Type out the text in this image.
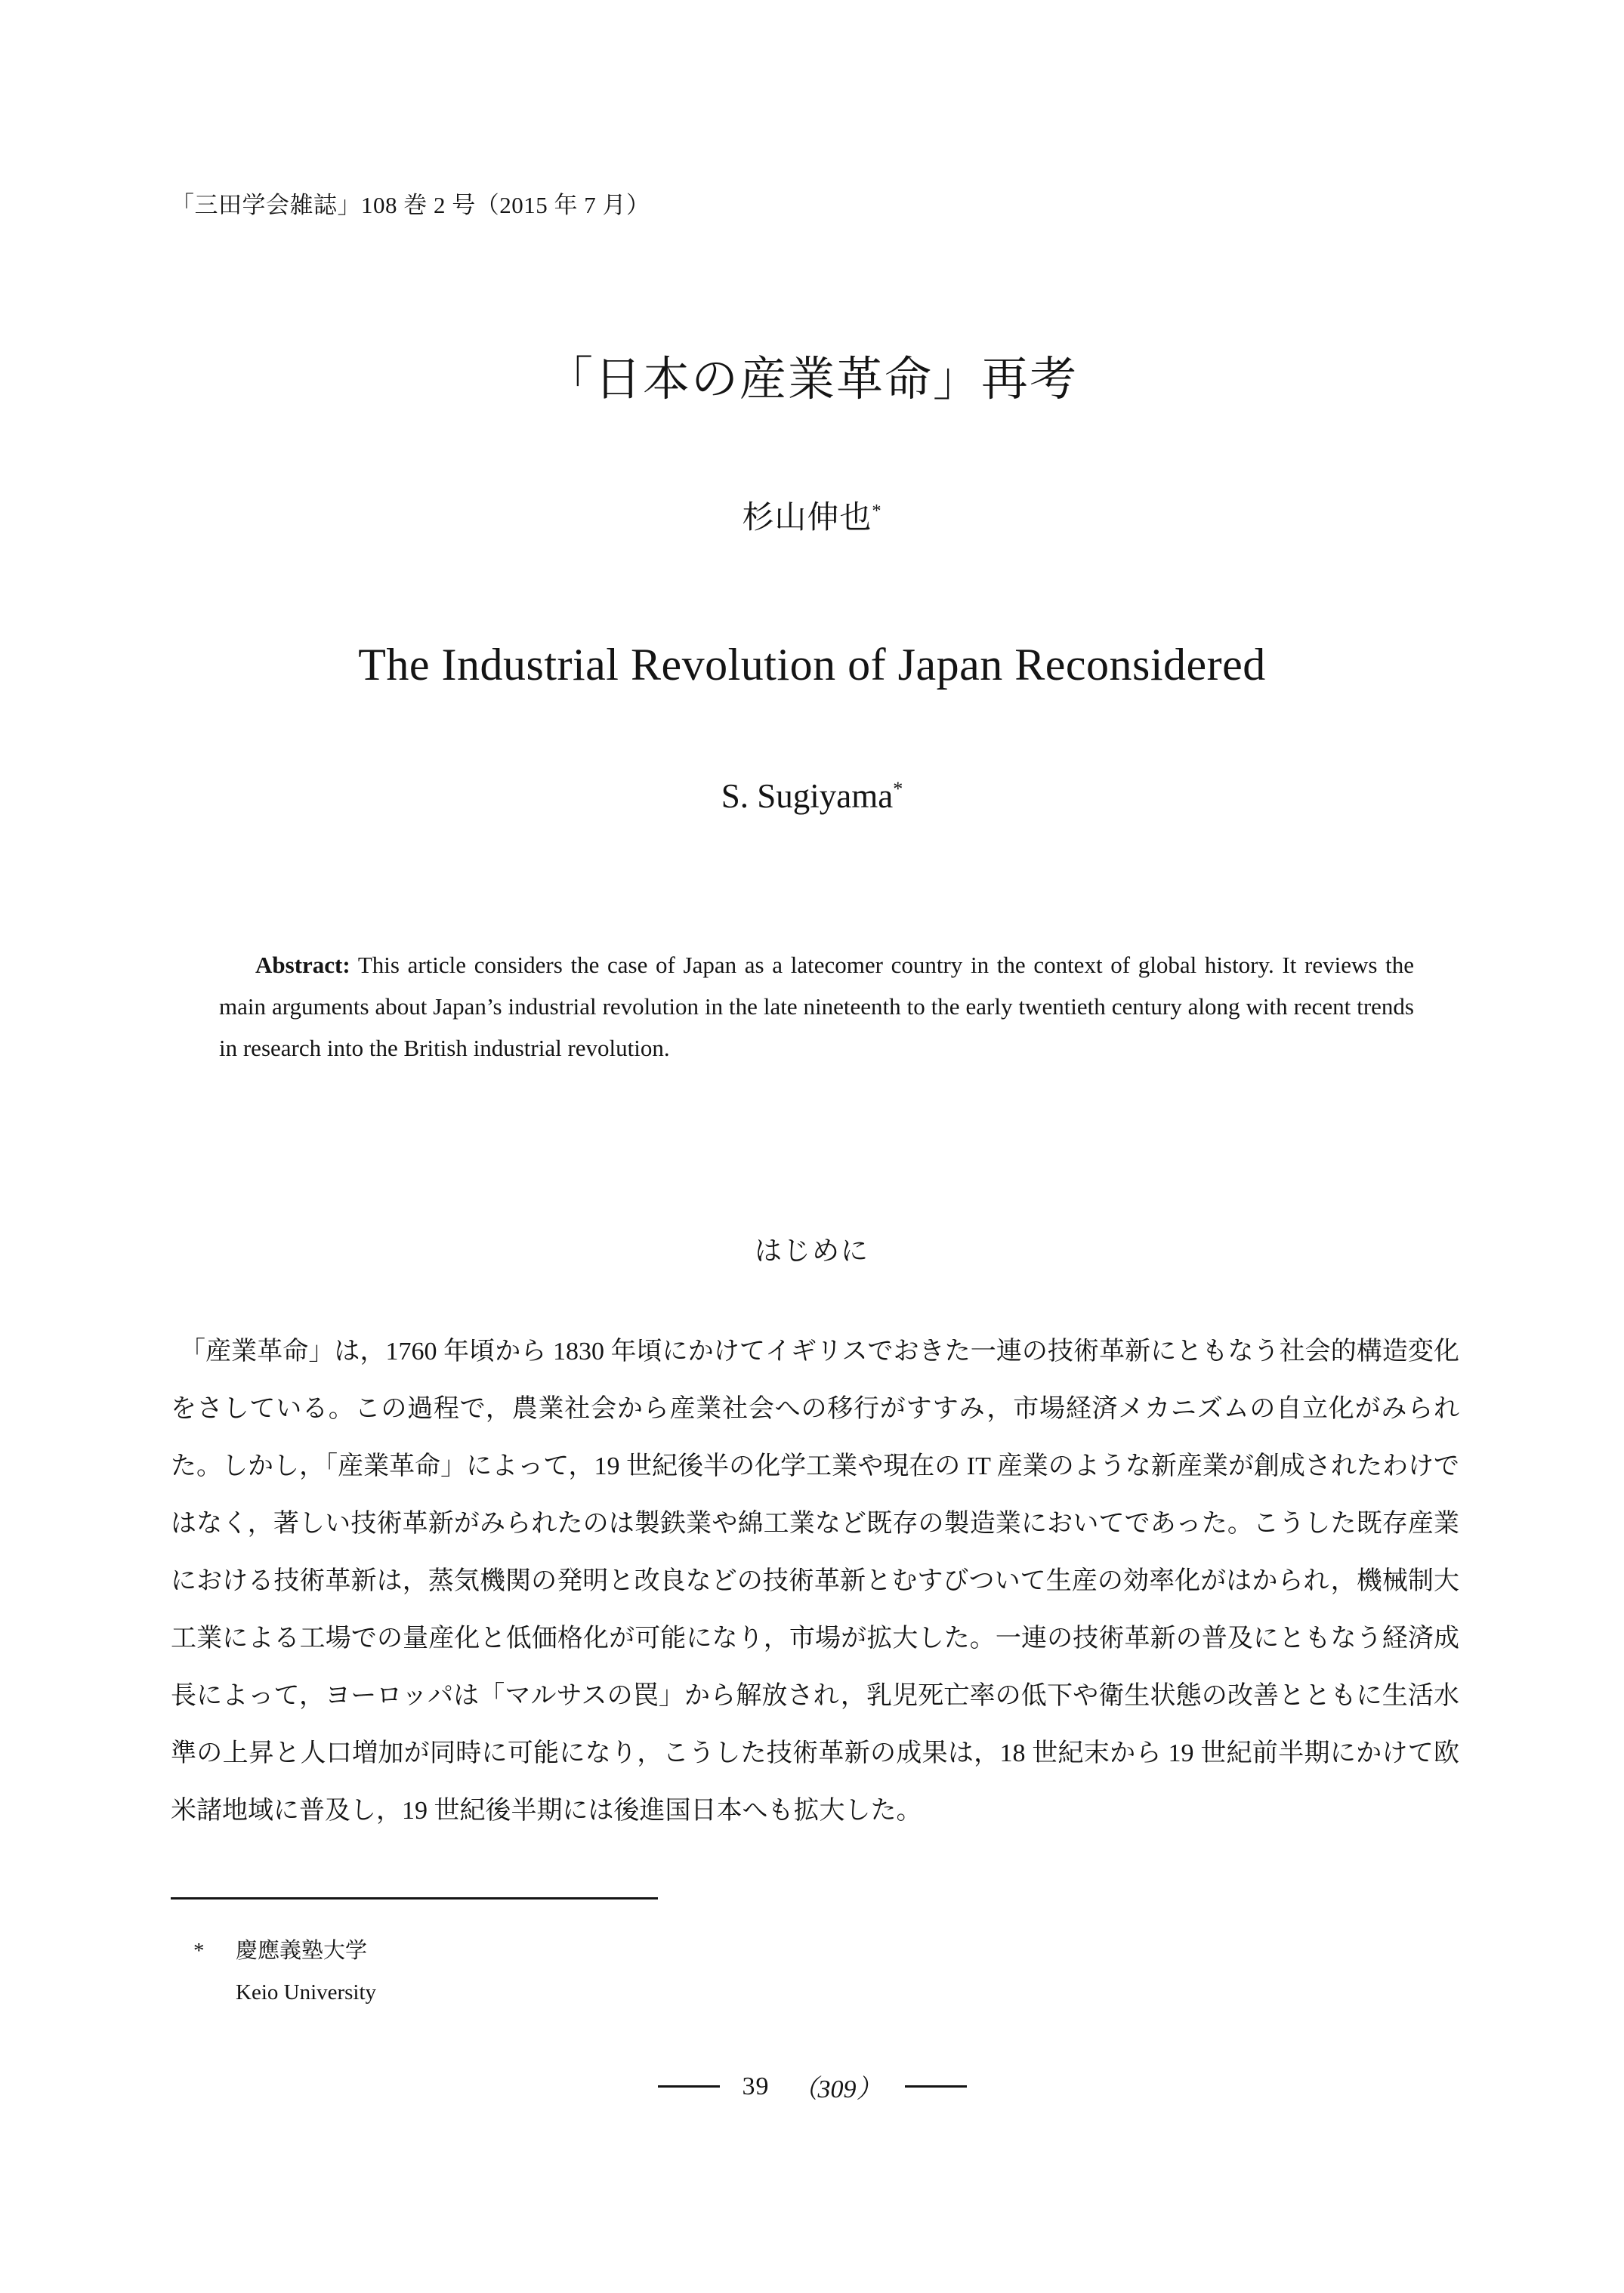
「三田学会雑誌」108 巻 2 号（2015 年 7 月）
「日本の産業革命」再考
杉山伸也*
The Industrial Revolution of Japan Reconsidered
S. Sugiyama*

Abstract: This article considers the case of Japan as a latecomer country in the context of global history. It reviews the main arguments about Japan’s industrial revolution in the late nineteenth to the early twentieth century along with recent trends in research into the British industrial revolution.

はじめに

「産業革命」は，1760 年頃から 1830 年頃にかけてイギリスでおきた一連の技術革新にともなう社会的構造変化をさしている。この過程で，農業社会から産業社会への移行がすすみ，市場経済メカニズムの自立化がみられた。しかし，「産業革命」によって，19 世紀後半の化学工業や現在の IT 産業のような新産業が創成されたわけではなく，著しい技術革新がみられたのは製鉄業や綿工業など既存の製造業においてであった。こうした既存産業における技術革新は，蒸気機関の発明と改良などの技術革新とむすびついて生産の効率化がはかられ，機械制大工業による工場での量産化と低価格化が可能になり，市場が拡大した。一連の技術革新の普及にともなう経済成長によって，ヨーロッパは「マルサスの罠」から解放され，乳児死亡率の低下や衛生状態の改善とともに生活水準の上昇と人口増加が同時に可能になり，こうした技術革新の成果は，18 世紀末から 19 世紀前半期にかけて欧米諸地域に普及し，19 世紀後半期には後進国日本へも拡大した。

*	慶應義塾大学
Keio University
39 （309）
